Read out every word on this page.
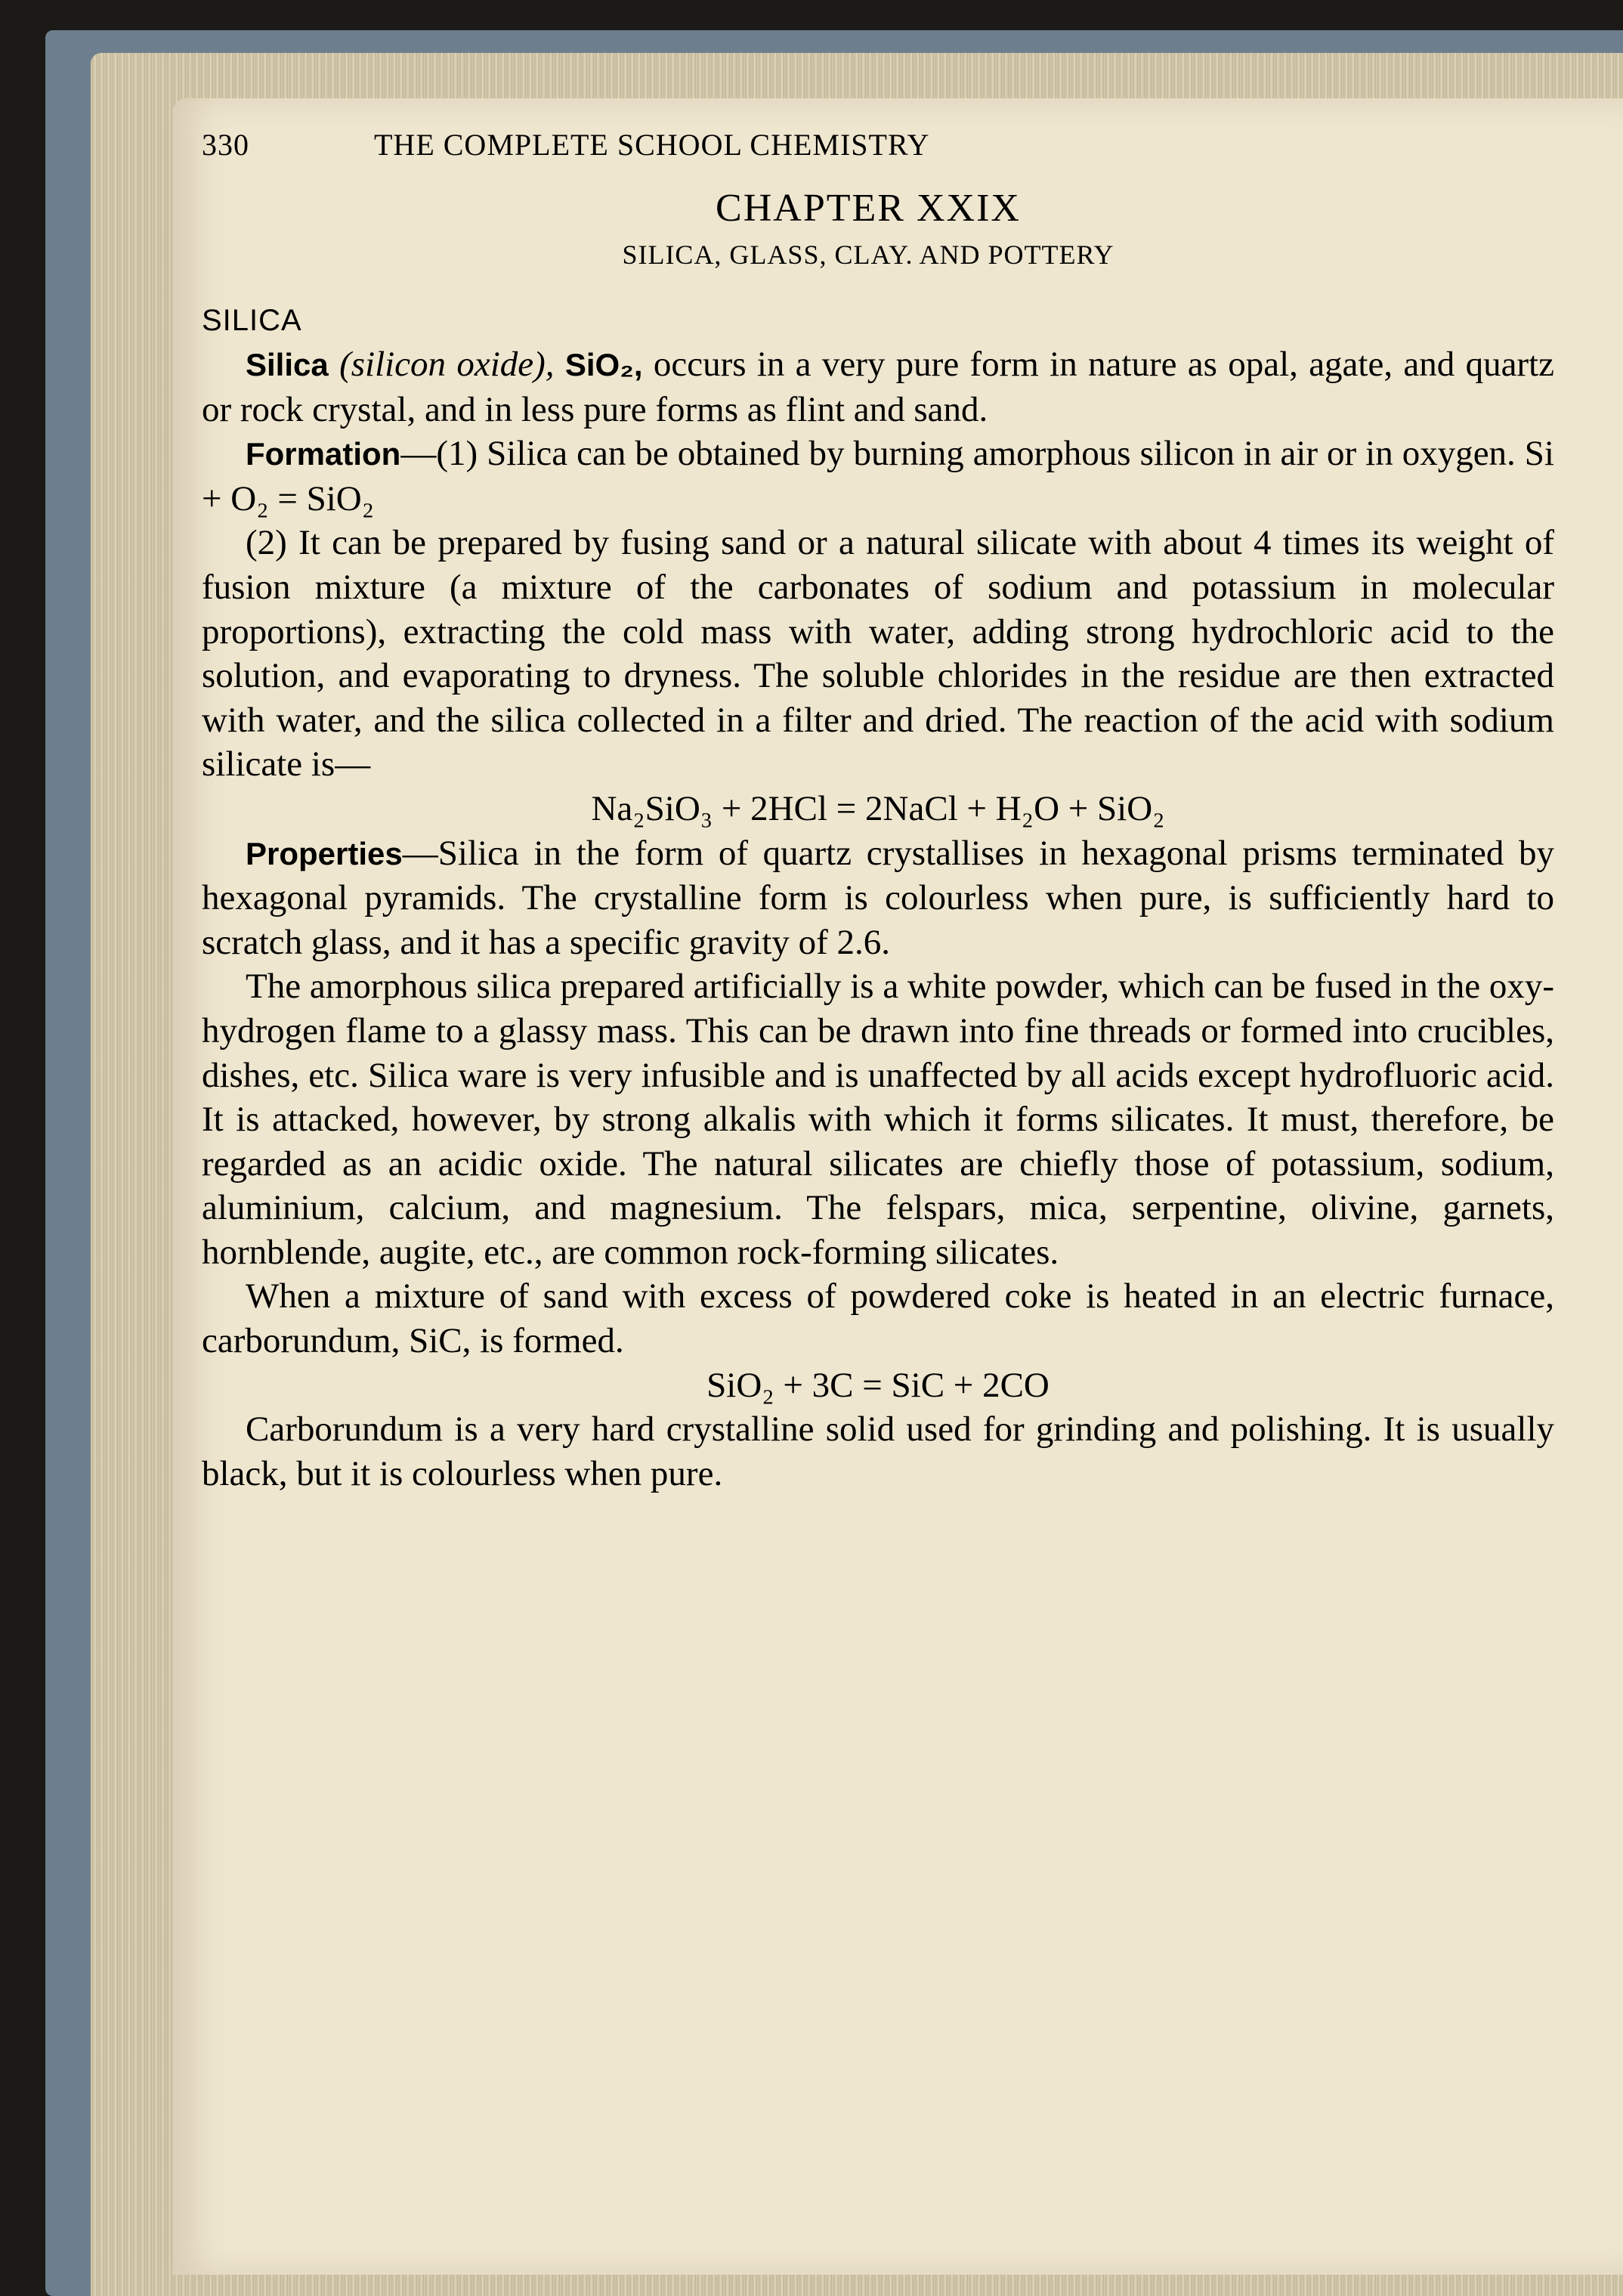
330	THE COMPLETE SCHOOL CHEMISTRY
CHAPTER XXIX
SILICA, GLASS, CLAY. AND POTTERY

SILICA

Silica (silicon oxide), SiO₂, occurs in a very pure form in nature as opal, agate, and quartz or rock crystal, and in less pure forms as flint and sand.

Formation—(1) Silica can be obtained by burning amorphous silicon in air or in oxygen. Si + O₂ = SiO₂

(2) It can be prepared by fusing sand or a natural silicate with about 4 times its weight of fusion mixture (a mixture of the carbonates of sodium and potassium in molecular proportions), extracting the cold mass with water, adding strong hydrochloric acid to the solution, and evaporating to dryness. The soluble chlorides in the residue are then extracted with water, and the silica collected in a filter and dried. The reaction of the acid with sodium silicate is—

Na₂SiO₃ + 2HCl = 2NaCl + H₂O + SiO₂

Properties—Silica in the form of quartz crystallises in hexagonal prisms terminated by hexagonal pyramids. The crystalline form is colourless when pure, is sufficiently hard to scratch glass, and it has a specific gravity of 2.6.

The amorphous silica prepared artificially is a white powder, which can be fused in the oxy-hydrogen flame to a glassy mass. This can be drawn into fine threads or formed into crucibles, dishes, etc. Silica ware is very infusible and is unaffected by all acids except hydrofluoric acid. It is attacked, however, by strong alkalis with which it forms silicates. It must, therefore, be regarded as an acidic oxide. The natural silicates are chiefly those of potassium, sodium, aluminium, calcium, and magnesium. The felspars, mica, serpentine, olivine, garnets, hornblende, augite, etc., are common rock-forming silicates.

When a mixture of sand with excess of powdered coke is heated in an electric furnace, carborundum, SiC, is formed.

SiO₂ + 3C = SiC + 2CO

Carborundum is a very hard crystalline solid used for grinding and polishing. It is usually black, but it is colourless when pure.
